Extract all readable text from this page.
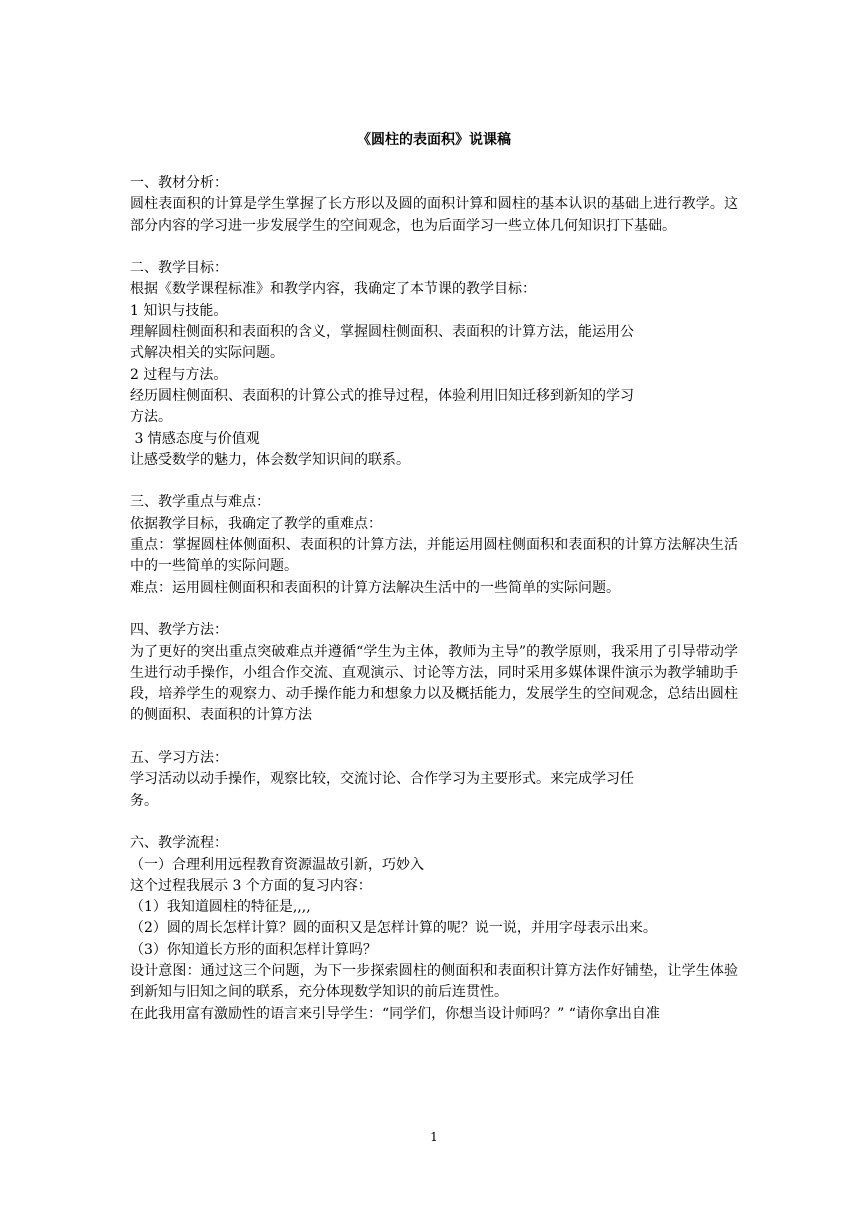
《圆柱的表面积》说课稿

一、教材分析：

圆柱表面积的计算是学生掌握了长方形以及圆的面积计算和圆柱的基本认识的基础上进行教学。这部分内容的学习进一步发展学生的空间观念，也为后面学习一些立体几何知识打下基础。

二、教学目标：

根据《数学课程标准》和教学内容，我确定了本节课的教学目标：

1 知识与技能。

理解圆柱侧面积和表面积的含义，掌握圆柱侧面积、表面积的计算方法，能运用公

式解决相关的实际问题。

2 过程与方法。

经历圆柱侧面积、表面积的计算公式的推导过程，体验利用旧知迁移到新知的学习

方法。

3 情感态度与价值观

让感受数学的魅力，体会数学知识间的联系。

三、教学重点与难点：

依据教学目标，我确定了教学的重难点：

重点：掌握圆柱体侧面积、表面积的计算方法，并能运用圆柱侧面积和表面积的计算方法解决生活中的一些简单的实际问题。

难点：运用圆柱侧面积和表面积的计算方法解决生活中的一些简单的实际问题。

四、教学方法：

为了更好的突出重点突破难点并遵循“学生为主体，教师为主导”的教学原则，我采用了引导带动学生进行动手操作，小组合作交流、直观演示、讨论等方法，同时采用多媒体课件演示为教学辅助手段，培养学生的观察力、动手操作能力和想象力以及概括能力，发展学生的空间观念，总结出圆柱的侧面积、表面积的计算方法

五、学习方法：

学习活动以动手操作，观察比较，交流讨论、合作学习为主要形式。来完成学习任

务。

六、教学流程：

（一）合理利用远程教育资源温故引新，巧妙入

这个过程我展示 3 个方面的复习内容：

（1）我知道圆柱的特征是,,,,

（2）圆的周长怎样计算？圆的面积又是怎样计算的呢？说一说，并用字母表示出来。

（3）你知道长方形的面积怎样计算吗？

设计意图：通过这三个问题，为下一步探索圆柱的侧面积和表面积计算方法作好铺垫，让学生体验到新知与旧知之间的联系，充分体现数学知识的前后连贯性。

在此我用富有激励性的语言来引导学生：“同学们，你想当设计师吗？” “请你拿出自准

1
